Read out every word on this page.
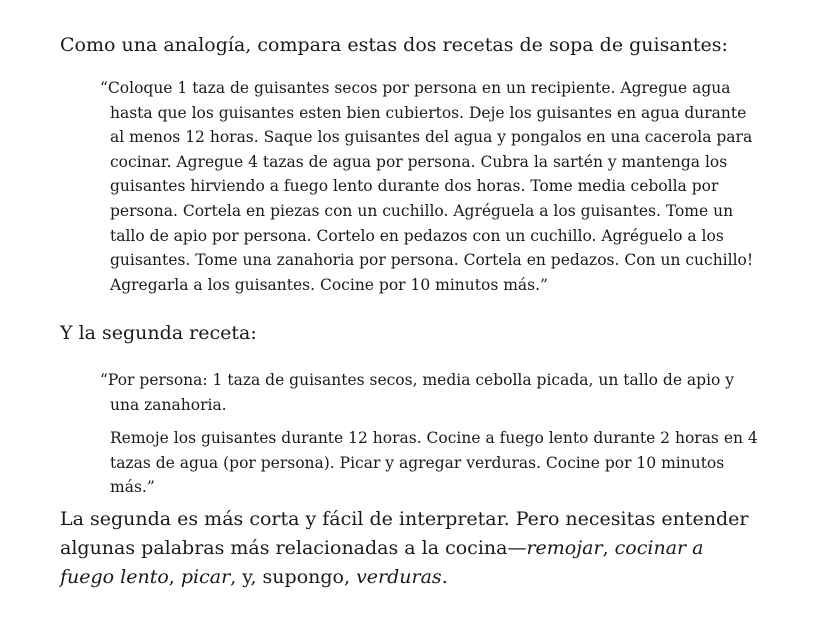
Como una analogía, compara estas dos recetas de sopa de guisantes:

“Coloque 1 taza de guisantes secos por persona en un recipiente. Agregue agua hasta que los guisantes esten bien cubiertos. Deje los guisantes en agua durante al menos 12 horas. Saque los guisantes del agua y pongalos en una cacerola para cocinar. Agregue 4 tazas de agua por persona. Cubra la sartén y mantenga los guisantes hirviendo a fuego lento durante dos horas. Tome media cebolla por persona. Cortela en piezas con un cuchillo. Agréguela a los guisantes. Tome un tallo de apio por persona. Cortelo en pedazos con un cuchillo. Agréguelo a los guisantes. Tome una zanahoria por persona. Cortela en pedazos. Con un cuchillo! Agregarla a los guisantes. Cocine por 10 minutos más.”

Y la segunda receta:

“Por persona: 1 taza de guisantes secos, media cebolla picada, un tallo de apio y una zanahoria.

Remoje los guisantes durante 12 horas. Cocine a fuego lento durante 2 horas en 4 tazas de agua (por persona). Picar y agregar verduras. Cocine por 10 minutos más.”

La segunda es más corta y fácil de interpretar. Pero necesitas entender algunas palabras más relacionadas a la cocina—remojar, cocinar a fuego lento, picar, y, supongo, verduras.
